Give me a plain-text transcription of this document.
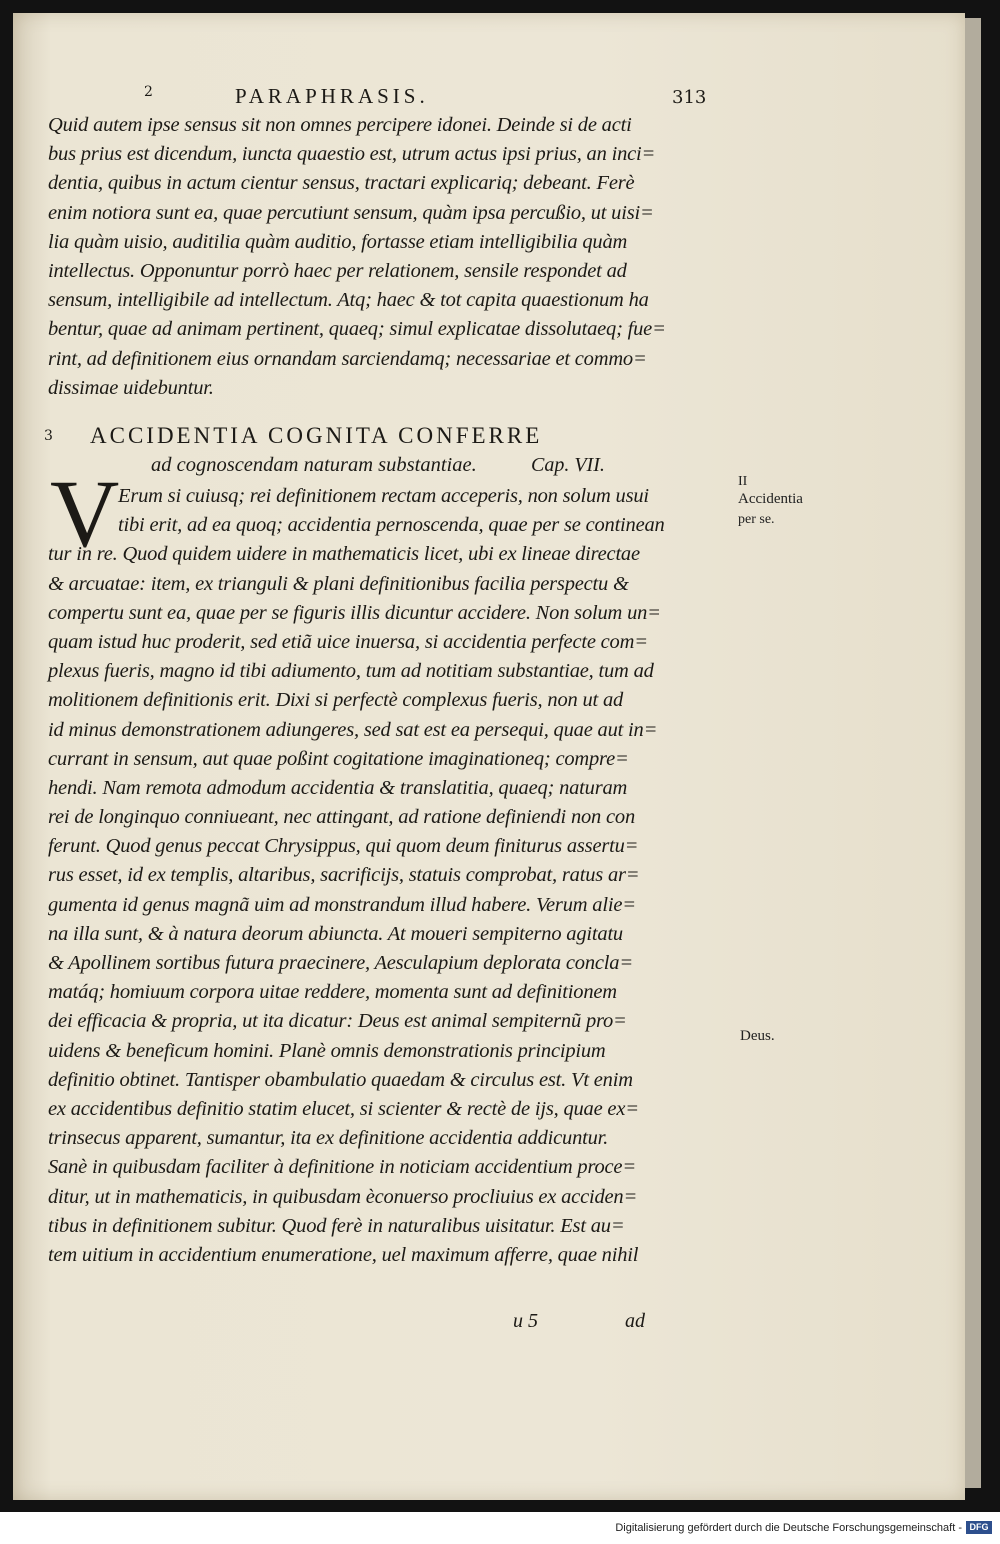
2	PARAPHRASIS.	313

Quid autem ipse sensus sit non omnes percipere idonei. Deinde si de acti
bus prius est dicendum, iuncta quaestio est, utrum actus ipsi prius, an inci=
dentia, quibus in actum cientur sensus, tractari explicariq; debeant. Ferè
enim notiora sunt ea, quae percutiunt sensum, quàm ipsa percußio, ut uisi=
lia quàm uisio, auditilia quàm auditio, fortasse etiam intelligibilia quàm
intellectus. Opponuntur porrò haec per relationem, sensile respondet ad
sensum, intelligibile ad intellectum. Atq; haec & tot capita quaestionum ha
bentur, quae ad animam pertinent, quaeq; simul explicatae dissolutaeq; fue=
rint, ad definitionem eius ornandam sarciendamq; necessariae et commo=
dissimae uidebuntur.

3 ACCIDENTIA COGNITA CONFERRE

ad cognoscendam naturam substantiae.	Cap. VII.

V

Erum si cuiusq; rei definitionem rectam acceperis, non solum usui
tibi erit, ad ea quoq; accidentia pernoscenda, quae per se continean
tur in re. Quod quidem uidere in mathematicis licet, ubi ex lineae directae
& arcuatae: item, ex trianguli & plani definitionibus facilia perspectu &
compertu sunt ea, quae per se figuris illis dicuntur accidere. Non solum un=
quam istud huc proderit, sed etiã uice inuersa, si accidentia perfecte com=
plexus fueris, magno id tibi adiumento, tum ad notitiam substantiae, tum ad
molitionem definitionis erit. Dixi si perfectè complexus fueris, non ut ad
id minus demonstrationem adiungeres, sed sat est ea persequi, quae aut in=
currant in sensum, aut quae poßint cogitatione imaginationeq; compre=
hendi. Nam remota admodum accidentia & translatitia, quaeq; naturam
rei de longinquo conniueant, nec attingant, ad ratione definiendi non con
ferunt. Quod genus peccat Chrysippus, qui quom deum finiturus assertu=
rus esset, id ex templis, altaribus, sacrificijs, statuis comprobat, ratus ar=
gumenta id genus magnã uim ad monstrandum illud habere. Verum alie=
na illa sunt, & à natura deorum abiuncta. At moueri sempiterno agitatu
& Apollinem sortibus futura praecinere, Aesculapium deplorata concla=
matáq; homiuum corpora uitae reddere, momenta sunt ad definitionem
dei efficacia & propria, ut ita dicatur: Deus est animal sempiternũ pro=
uidens & beneficum homini. Planè omnis demonstrationis principium
definitio obtinet. Tantisper obambulatio quaedam & circulus est. Vt enim
ex accidentibus definitio statim elucet, si scienter & rectè de ijs, quae ex=
trinsecus apparent, sumantur, ita ex definitione accidentia addicuntur.
Sanè in quibusdam faciliter à definitione in noticiam accidentium proce=
ditur, ut in mathematicis, in quibusdam èconuerso procliuius ex acciden=
tibus in definitionem subitur. Quod ferè in naturalibus uisitatur. Est au=
tem uitium in accidentium enumeratione, uel maximum afferre, quae nihil

II

Accidentia

per se.

Deus.

u 5	ad

Digitalisierung gefördert durch die Deutsche Forschungsgemeinschaft - DFG
